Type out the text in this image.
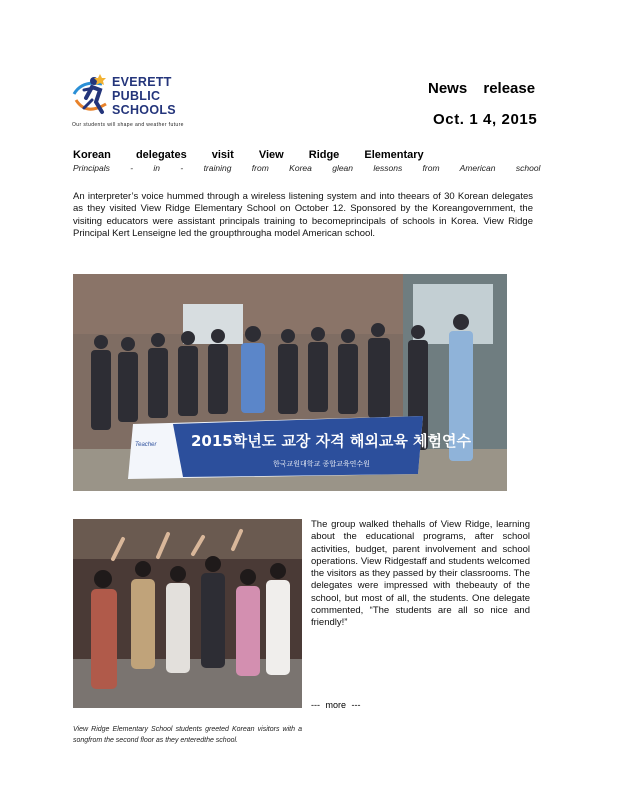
EVERETT
PUBLIC
SCHOOLS
Our students will shape and weather future
News release
Oct. 1 4, 2015
Korean delegates visit View Ridge Elementary
Principals - in - training from Korea glean lessons from American school
An interpreter’s voice hummed through a wireless listening system and into theears of 30 Korean delegates as they visited View Ridge Elementary School on October 12. Sponsored by the Koreangovernment, the visiting educators were assistant principals training to becomeprincipals of schools in Korea. View Ridge Principal Kert Lenseigne led the groupthrougha model American school.
2015학년도 교장 자격 해외교육 체험연수
한국교원대학교 종합교육연수원
Teacher
The group walked thehalls of View Ridge, learning about the educational programs, after school activities, budget, parent involvement and school operations. View Ridgestaff and students welcomed the visitors as they passed by their classrooms. The delegates were impressed with thebeauty of the school, but most of all, the students. One delegate commented, “The students are all so nice and friendly!”
--- more ---
View Ridge Elementary School students greeted Korean visitors with a songfrom the second floor as they enteredthe school.
